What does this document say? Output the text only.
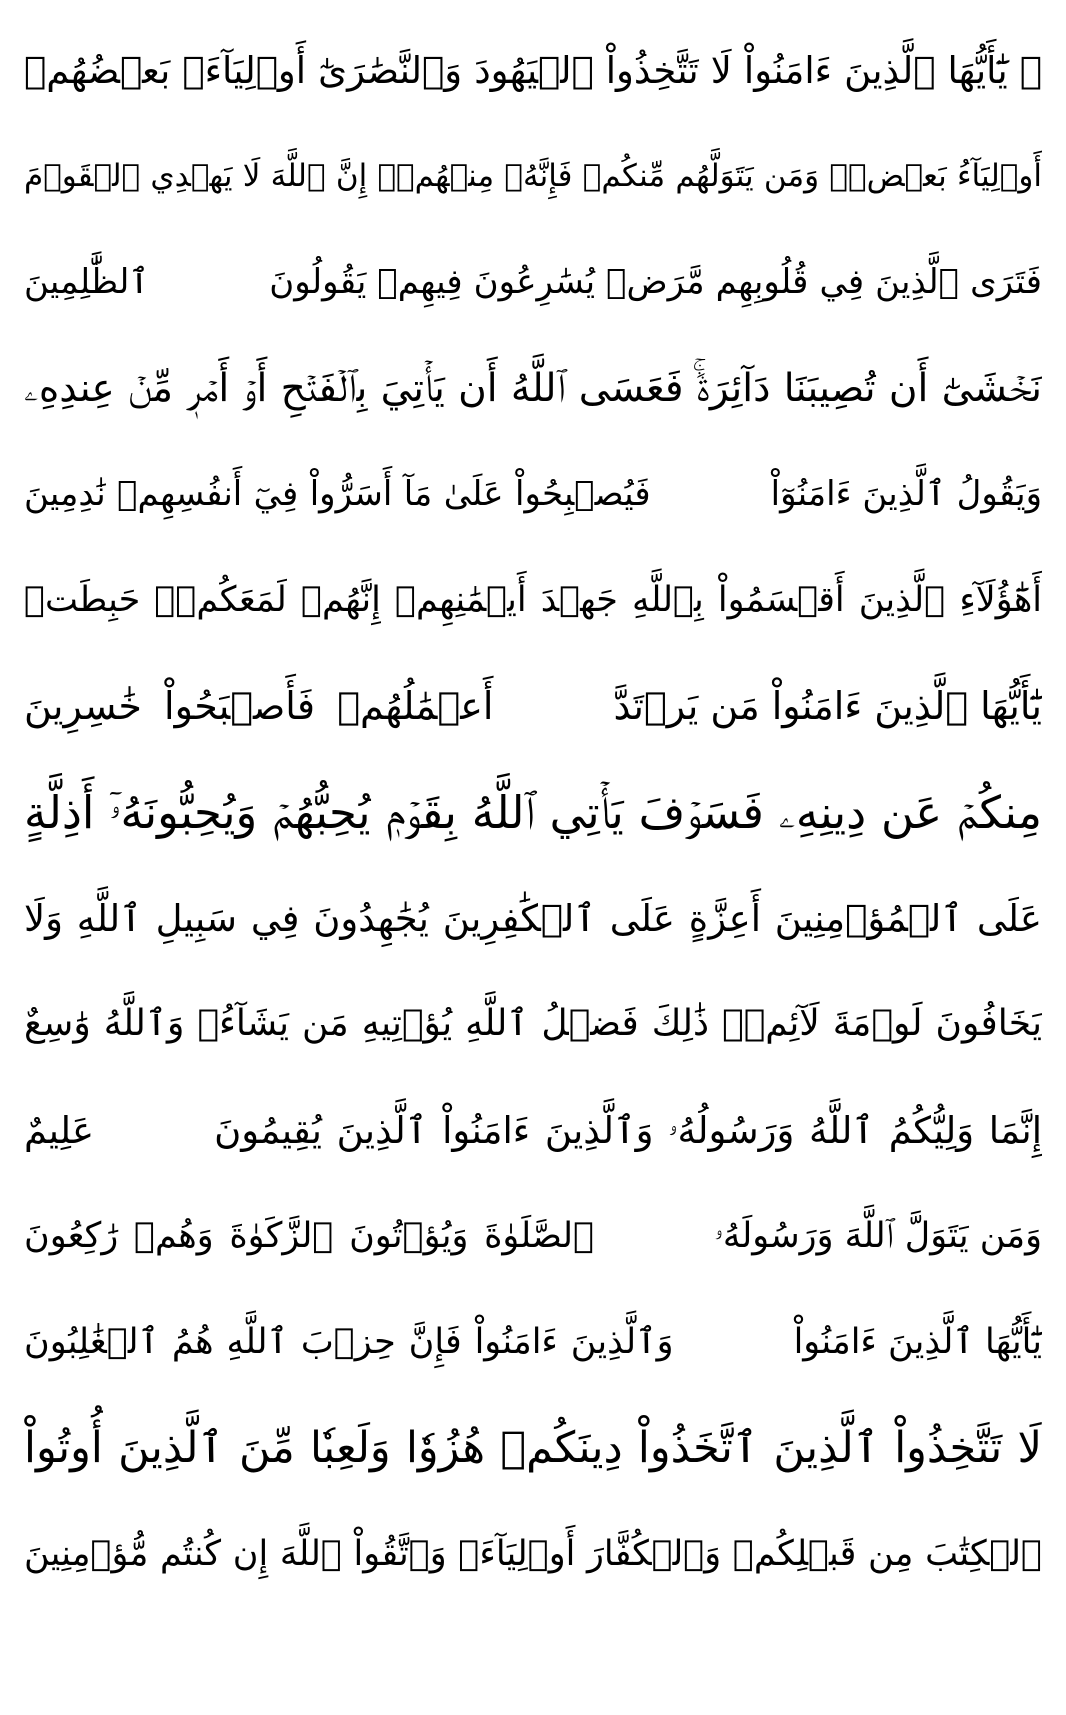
۞ يَٰٓأَيُّهَا ٱلَّذِينَ ءَامَنُواْ لَا تَتَّخِذُواْ ٱلۡيَهُودَ وَٱلنَّصَٰرَىٰٓ أَوۡلِيَآءَۘ بَعۡضُهُمۡ
أَوۡلِيَآءُ بَعۡضٖۚ وَمَن يَتَوَلَّهُم مِّنكُمۡ فَإِنَّهُۥ مِنۡهُمۡۗ إِنَّ ٱللَّهَ لَا يَهۡدِي ٱلۡقَوۡمَ
فَتَرَى ٱلَّذِينَ فِي قُلُوبِهِم مَّرَضٞ يُسَٰرِعُونَ فِيهِمۡ يَقُولُونَ
ٱلظَّٰلِمِينَ
نَخۡشَىٰٓ أَن تُصِيبَنَا دَآئِرَةٞۚ فَعَسَى ٱللَّهُ أَن يَأۡتِيَ بِٱلۡفَتۡحِ أَوۡ أَمۡرٖ مِّنۡ عِندِهِۦ
وَيَقُولُ ٱلَّذِينَ ءَامَنُوٓاْ
فَيُصۡبِحُواْ عَلَىٰ مَآ أَسَرُّواْ فِيٓ أَنفُسِهِمۡ نَٰدِمِينَ
أَهَٰٓؤُلَآءِ ٱلَّذِينَ أَقۡسَمُواْ بِٱللَّهِ جَهۡدَ أَيۡمَٰنِهِمۡ إِنَّهُمۡ لَمَعَكُمۡۚ حَبِطَتۡ
يَٰٓأَيُّهَا ٱلَّذِينَ ءَامَنُواْ مَن يَرۡتَدَّ
أَعۡمَٰلُهُمۡ فَأَصۡبَحُواْ خَٰسِرِينَ
مِنكُمۡ عَن دِينِهِۦ فَسَوۡفَ يَأۡتِي ٱللَّهُ بِقَوۡمٖ يُحِبُّهُمۡ وَيُحِبُّونَهُۥٓ أَذِلَّةٍ
عَلَى ٱلۡمُؤۡمِنِينَ أَعِزَّةٍ عَلَى ٱلۡكَٰفِرِينَ يُجَٰهِدُونَ فِي سَبِيلِ ٱللَّهِ وَلَا
يَخَافُونَ لَوۡمَةَ لَآئِمٖۚ ذَٰلِكَ فَضۡلُ ٱللَّهِ يُؤۡتِيهِ مَن يَشَآءُۚ وَٱللَّهُ وَٰسِعٌ
إِنَّمَا وَلِيُّكُمُ ٱللَّهُ وَرَسُولُهُۥ وَٱلَّذِينَ ءَامَنُواْ ٱلَّذِينَ يُقِيمُونَ
عَلِيمٌ
وَمَن يَتَوَلَّ ٱللَّهَ وَرَسُولَهُۥ
ٱلصَّلَوٰةَ وَيُؤۡتُونَ ٱلزَّكَوٰةَ وَهُمۡ رَٰكِعُونَ
يَٰٓأَيُّهَا ٱلَّذِينَ ءَامَنُواْ
وَٱلَّذِينَ ءَامَنُواْ فَإِنَّ حِزۡبَ ٱللَّهِ هُمُ ٱلۡغَٰلِبُونَ
لَا تَتَّخِذُواْ ٱلَّذِينَ ٱتَّخَذُواْ دِينَكُمۡ هُزُوٗا وَلَعِبٗا مِّنَ ٱلَّذِينَ أُوتُواْ
ٱلۡكِتَٰبَ مِن قَبۡلِكُمۡ وَٱلۡكُفَّارَ أَوۡلِيَآءَۚ وَٱتَّقُواْ ٱللَّهَ إِن كُنتُم مُّؤۡمِنِينَ
